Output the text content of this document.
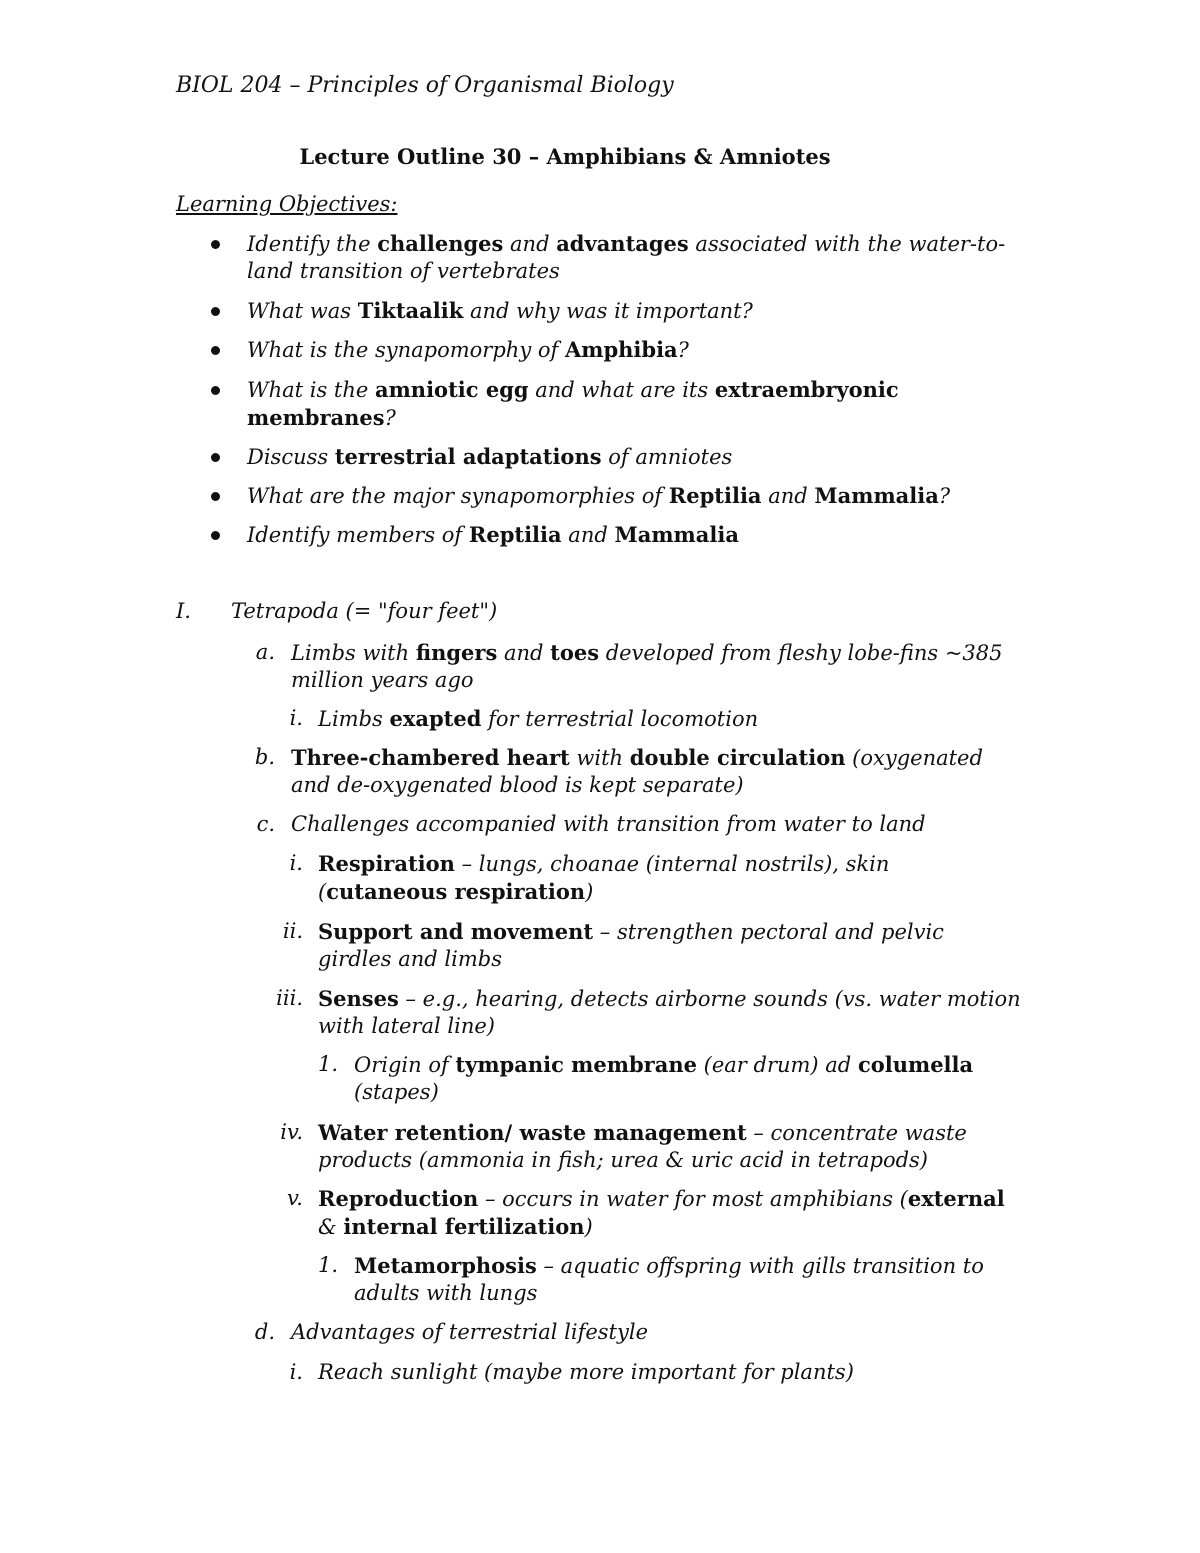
BIOL 204 – Principles of Organismal Biology
Lecture Outline 30 – Amphibians & Amniotes
Learning Objectives:
Identify the challenges and advantages associated with the water-to-
land transition of vertebrates
What was Tiktaalik and why was it important?
What is the synapomorphy of Amphibia?
What is the amniotic egg and what are its extraembryonic
membranes?
Discuss terrestrial adaptations of amniotes
What are the major synapomorphies of Reptilia and Mammalia?
Identify members of Reptilia and Mammalia
I. Tetrapoda (= "four feet")
a. Limbs with fingers and toes developed from fleshy lobe-fins ~385
million years ago
i. Limbs exapted for terrestrial locomotion
b. Three-chambered heart with double circulation (oxygenated
and de-oxygenated blood is kept separate)
c. Challenges accompanied with transition from water to land
i. Respiration – lungs, choanae (internal nostrils), skin
(cutaneous respiration)
ii. Support and movement – strengthen pectoral and pelvic
girdles and limbs
iii. Senses – e.g., hearing, detects airborne sounds (vs. water motion
with lateral line)
1. Origin of tympanic membrane (ear drum) ad columella
(stapes)
iv. Water retention/ waste management – concentrate waste
products (ammonia in fish; urea & uric acid in tetrapods)
v. Reproduction – occurs in water for most amphibians (external
& internal fertilization)
1. Metamorphosis – aquatic offspring with gills transition to
adults with lungs
d. Advantages of terrestrial lifestyle
i. Reach sunlight (maybe more important for plants)
